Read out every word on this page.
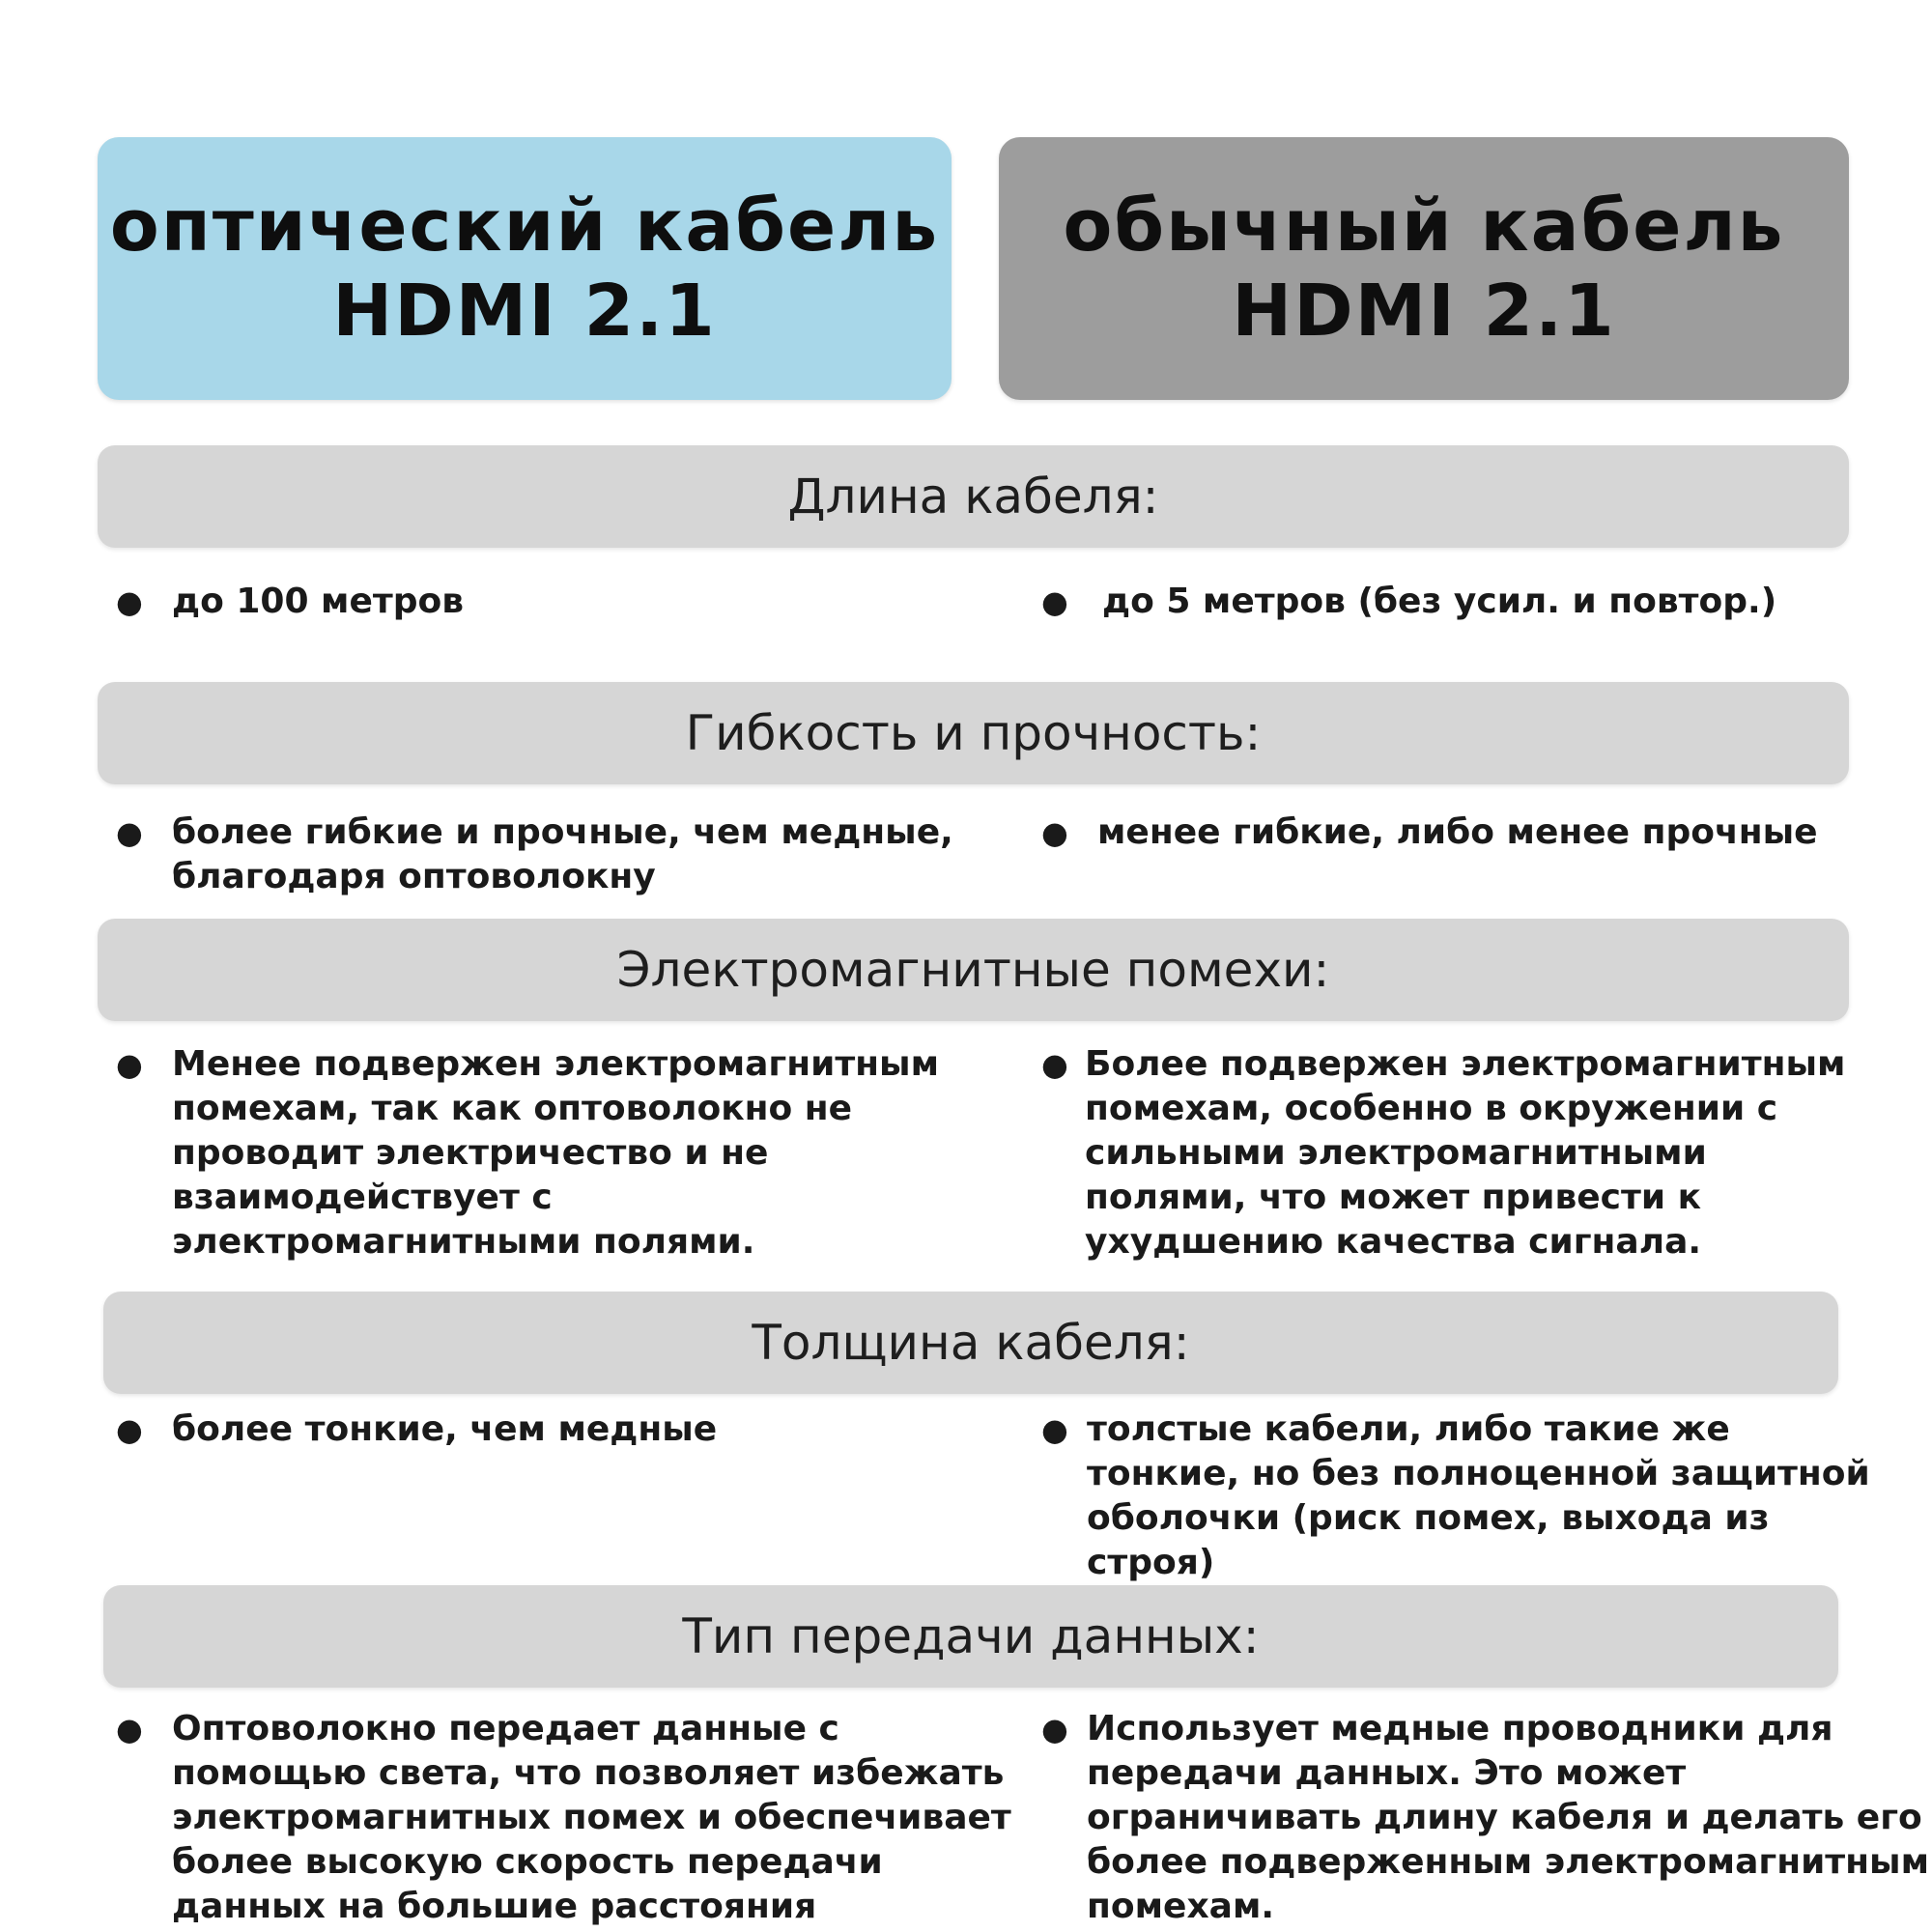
оптический кабель
HDMI 2.1
обычный кабель
HDMI 2.1
Длина кабеля:
● до 100 метров	● до 5 метров (без усил. и повтор.)
Гибкость и прочность:
● более гибкие и прочные, чем медные,
благодаря оптоволокну
● менее гибкие, либо менее прочные
Электромагнитные помехи:
● Менее подвержен электромагнитным
помехам, так как оптоволокно не
проводит электричество и не
взаимодействует с
электромагнитными полями.
● Более подвержен электромагнитным
помехам, особенно в окружении с
сильными электромагнитными
полями, что может привести к
ухудшению качества сигнала.
Толщина кабеля:
● более тонкие, чем медные	● толстые кабели, либо такие же
тонкие, но без полноценной защитной
оболочки (риск помех, выхода из
строя)
Тип передачи данных:
● Оптоволокно передает данные с
помощью света, что позволяет избежать
электромагнитных помех и обеспечивает
более высокую скорость передачи
данных на большие расстояния
● Использует медные проводники для
передачи данных. Это может
ограничивать длину кабеля и делать его
более подверженным электромагнитным
помехам.
